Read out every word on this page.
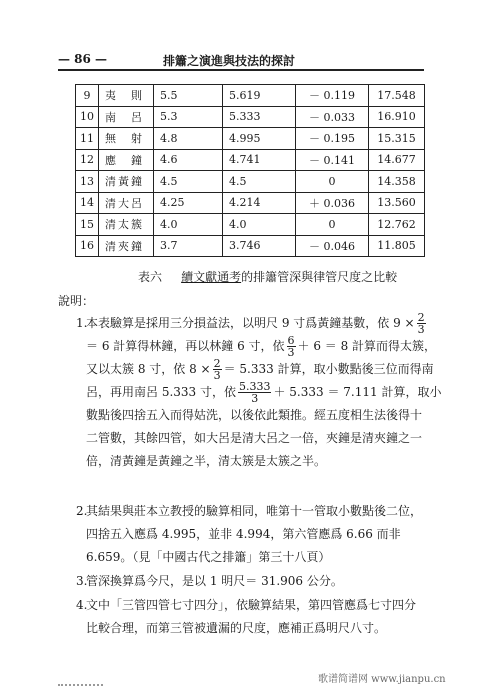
— 86 —	排簫之演進與技法的探討
9	夷　則	5.5	5.619	－ 0.119	17.548
10	南　呂	5.3	5.333	－ 0.033	16.910
11	無　射	4.8	4.995	－ 0.195	15.315
12	應　鐘	4.6	4.741	－ 0.141	14.677
13	清黃鐘	4.5	4.5	0	14.358
14	清大呂	4.25	4.214	＋ 0.036	13.560
15	清太簇	4.0	4.0	0	12.762
16	清夾鐘	3.7	3.746	－ 0.046	11.805
表六 續文獻通考的排簫管深與律管尺度之比較
說明：
1.
本表驗算是採用三分損益法，以明尺 9 寸爲黃鐘基數，依 $9 \times \frac{2}{3}$
＝ 6 計算得林鐘，再以林鐘 6 寸，依 $\frac{6}{3} + 6 = 8$ 計算而得太簇，
又以太簇 8 寸，依 $8 \times \frac{2}{3} = 5.333$ 計算，取小數點後三位而得南
呂，再用南呂 5.333 寸，依 $\frac{5.333}{3} + 5.333 = 7.111$ 計算，取小
數點後四捨五入而得姑洗，以後依此類推。經五度相生法後得十
二管數，其餘四管，如大呂是清大呂之一倍，夾鐘是清夾鐘之一
倍，清黃鐘是黃鐘之半，清太簇是太簇之半。
2.
其結果與莊本立教授的驗算相同，唯第十一管取小數點後二位，
四捨五入應爲 4.995，並非 4.994，第六管應爲 6.66 而非
6.659。（見「中國古代之排簫」第三十八頁）
3.
管深換算爲今尺，是以 1 明尺＝ 31.906 公分。
4.
文中「三管四管七寸四分」，依驗算結果，第四管應爲七寸四分
比較合理，而第三管被遺漏的尺度，應補正爲明尺八寸。
歌谱简谱网 www.jianpu.cn
